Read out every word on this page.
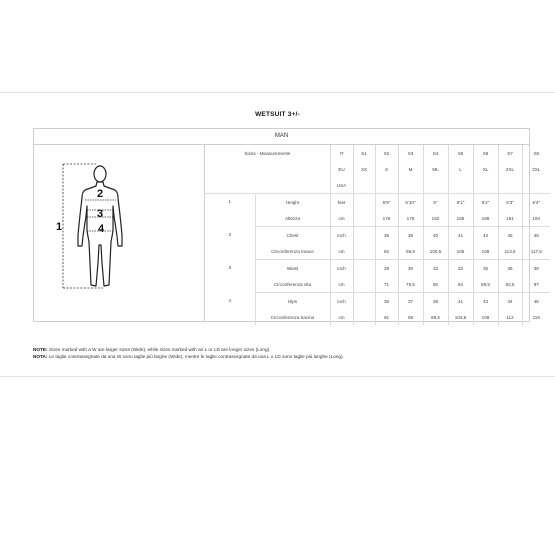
WETSUIT 3+/-
MAN
1
2
3
4
Sizes - Measurements		IT	S1	S2	S3	S4	S5	S6	S7	S8
		EU	XS	S	M	ML	L	XL	2XL	3XL
		USA								
1	Height	feet		5'9"	5'10"	6"	6'1"	6'2"	6'3"	6'4"
	Altezza	cm		176	179	182	185	188	191	194
2	Chest	inch		36	38	40	41	43	45	46
	Circonferenza torace	cm		92	96,5	100,5	105	109	113,5	117,5
3	Waist	inch		28	30	32	33	35	36	38
	Circonferenza vita	cm		71	75,5	80	84	88,5	92,5	97
4	Hips	inch		36	37	39	41	43	44	46
	Circonferenza bacino	cm		91	95	99,5	103,5	108	112	116
NOTE: Sizes marked with a W are larger sizes (Wide), while sizes marked with an L or LD are longer sizes (Long).
NOTA: Le taglie contrassegnate da una W sono taglie più larghe (Wide), mentre le taglie contrassegnate da una L o LD sono taglie più lunghe (Long).
